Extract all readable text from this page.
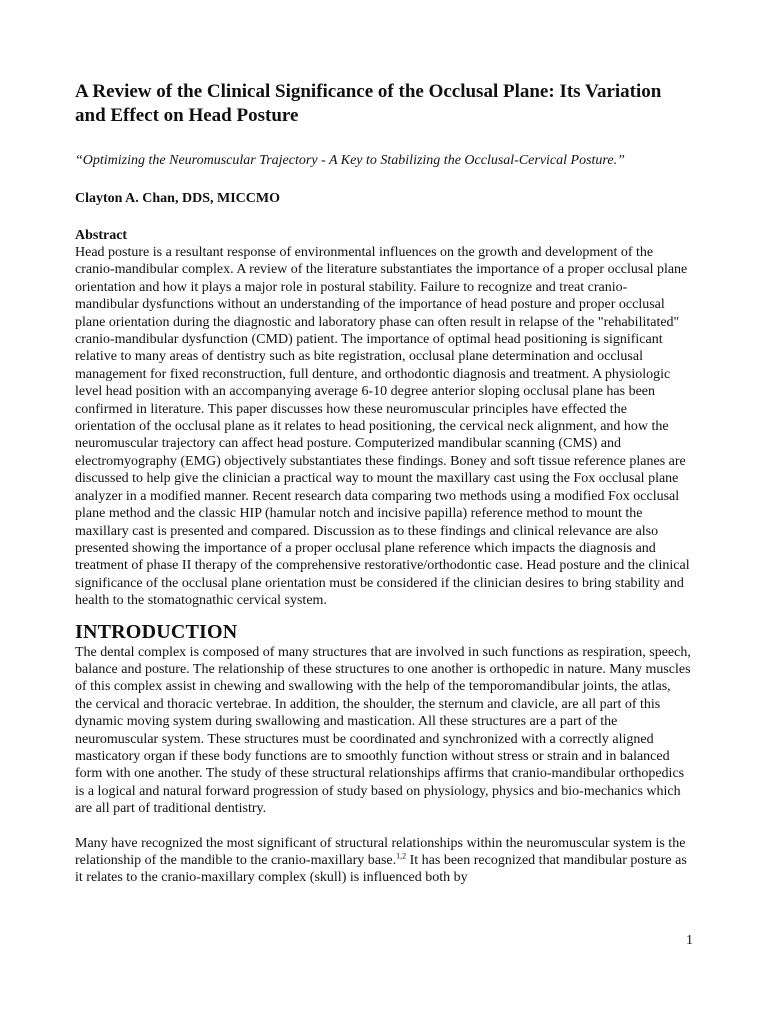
A Review of the Clinical Significance of the Occlusal Plane: Its Variation and Effect on Head Posture

“Optimizing the Neuromuscular Trajectory - A Key to Stabilizing the Occlusal-Cervical Posture.”

Clayton A. Chan, DDS, MICCMO

Abstract

Head posture is a resultant response of environmental influences on the growth and development of the cranio-mandibular complex. A review of the literature substantiates the importance of a proper occlusal plane orientation and how it plays a major role in postural stability. Failure to recognize and treat cranio-mandibular dysfunctions without an understanding of the importance of head posture and proper occlusal plane orientation during the diagnostic and laboratory phase can often result in relapse of the "rehabilitated" cranio-mandibular dysfunction (CMD) patient. The importance of optimal head positioning is significant relative to many areas of dentistry such as bite registration, occlusal plane determination and occlusal management for fixed reconstruction, full denture, and orthodontic diagnosis and treatment. A physiologic level head position with an accompanying average 6-10 degree anterior sloping occlusal plane has been confirmed in literature. This paper discusses how these neuromuscular principles have effected the orientation of the occlusal plane as it relates to head positioning, the cervical neck alignment, and how the neuromuscular trajectory can affect head posture. Computerized mandibular scanning (CMS) and electromyography (EMG) objectively substantiates these findings. Boney and soft tissue reference planes are discussed to help give the clinician a practical way to mount the maxillary cast using the Fox occlusal plane analyzer in a modified manner. Recent research data comparing two methods using a modified Fox occlusal plane method and the classic HIP (hamular notch and incisive papilla) reference method to mount the maxillary cast is presented and compared. Discussion as to these findings and clinical relevance are also presented showing the importance of a proper occlusal plane reference which impacts the diagnosis and treatment of phase II therapy of the comprehensive restorative/orthodontic case. Head posture and the clinical significance of the occlusal plane orientation must be considered if the clinician desires to bring stability and health to the stomatognathic cervical system.

INTRODUCTION

The dental complex is composed of many structures that are involved in such functions as respiration, speech, balance and posture. The relationship of these structures to one another is orthopedic in nature. Many muscles of this complex assist in chewing and swallowing with the help of the temporomandibular joints, the atlas, the cervical and thoracic vertebrae. In addition, the shoulder, the sternum and clavicle, are all part of this dynamic moving system during swallowing and mastication. All these structures are a part of the neuromuscular system. These structures must be coordinated and synchronized with a correctly aligned masticatory organ if these body functions are to smoothly function without stress or strain and in balanced form with one another. The study of these structural relationships affirms that cranio-mandibular orthopedics is a logical and natural forward progression of study based on physiology, physics and bio-mechanics which are all part of traditional dentistry.

Many have recognized the most significant of structural relationships within the neuromuscular system is the relationship of the mandible to the cranio-maxillary base.$^{1,2}$ It has been recognized that mandibular posture as it relates to the cranio-maxillary complex (skull) is influenced both by

1
